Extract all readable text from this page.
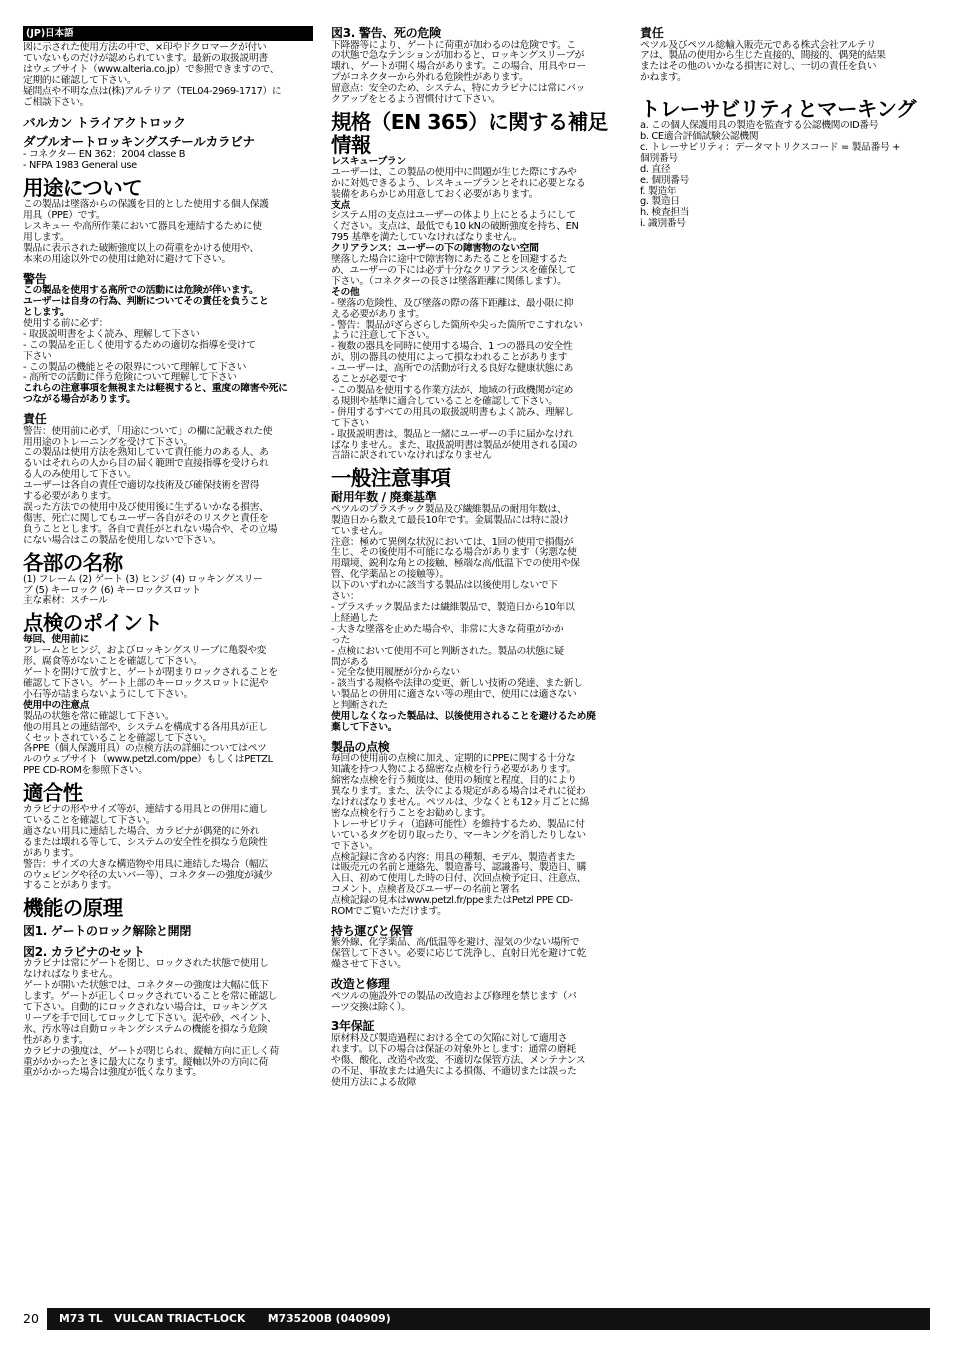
(JP)日本語

図に示された使用方法の中で、×印やドクロマークが付い

ていないものだけが認められています。最新の取扱説明書

はウェブサイト（www.alteria.co.jp）で参照できますので、

定期的に確認して下さい。

疑問点や不明な点は(株)アルテリア（TEL04-2969-1717）に

ご相談下さい。

バルカン トライアクトロック
ダブルオートロッキングスチールカラビナ

- コネクター EN 362：2004 classe B

- NFPA 1983 General use

用途について

この製品は墜落からの保護を目的とした使用する個人保護

用具（PPE）です。

レスキュー や高所作業において器具を連結するために使

用します。

製品に表示された破断強度以上の荷重をかける使用や、

本来の用途以外での使用は絶対に避けて下さい。

警告

この製品を使用する高所での活動には危険が伴います。

ユーザーは自身の行為、判断についてその責任を負うこと

とします。

使用する前に必ず：

- 取扱説明書をよく読み、理解して下さい

- この製品を正しく使用するための適切な指導を受けて

下さい

- この製品の機能とその限界について理解して下さい

- 高所での活動に伴う危険について理解して下さい

これらの注意事項を無視または軽視すると、重度の障害や死に

つながる場合があります。

責任

警告：使用前に必ず、「用途について」の欄に記載された使

用用途のトレーニングを受けて下さい。

この製品は使用方法を熟知していて責任能力のある人、あ

るいはそれらの人から目の届く範囲で直接指導を受けられ

る人のみ使用して下さい。

ユーザーは各自の責任で適切な技術及び確保技術を習得

する必要があります。

誤った方法での使用中及び使用後に生ずるいかなる損害、

傷害、死亡に関してもユーザー各自がそのリスクと責任を

負うこととします。各自で責任がとれない場合や、その立場

にない場合はこの製品を使用しないで下さい。

各部の名称

(1) フレーム (2) ゲート (3) ヒンジ (4) ロッキングスリー

ブ (5) キーロック (6) キーロックスロット

主な素材：スチール

点検のポイント

毎回、使用前に

フレームとヒンジ、およびロッキングスリーブに亀裂や変

形、腐食等がないことを確認して下さい。

ゲートを開けて放すと、ゲートが閉まりロックされることを

確認して下さい。ゲート上部のキーロックスロットに泥や

小石等が詰まらないようにして下さい。

使用中の注意点

製品の状態を常に確認して下さい。

他の用具との連結部や、システムを構成する各用具が正し

くセットされていることを確認して下さい。

各PPE（個人保護用具）の点検方法の詳細についてはペツ

ルのウェブサイト（www.petzl.com/ppe）もしくはPETZL

PPE CD-ROMを参照下さい。

適合性

カラビナの形やサイズ等が、連結する用具との併用に適し

ていることを確認して下さい。

適さない用具に連結した場合、カラビナが偶発的に外れ

るまたは壊れる等して、システムの安全性を損なう危険性

があります。

警告：サイズの大きな構造物や用具に連結した場合（幅広

のウェビングや径の太いバー等）、コネクターの強度が減少

することがあります。

機能の原理
図1. ゲートのロック解除と開閉
図2. カラビナのセット

カラビナは常にゲートを閉じ、ロックされた状態で使用し

なければなりません。

ゲートが開いた状態では、コネクターの強度は大幅に低下

します。ゲートが正しくロックされていることを常に確認し

て下さい。自動的にロックされない場合は、ロッキングス

リーブを手で回してロックして下さい。泥や砂、ペイント、

氷、汚水等は自動ロッキングシステムの機能を損なう危険

性があります。

カラビナの強度は、ゲートが閉じられ、縦軸方向に正しく荷

重がかかったときに最大になります。縦軸以外の方向に荷

重がかかった場合は強度が低くなります。

図3. 警告、死の危険

下降器等により、ゲートに荷重が加わるのは危険です。こ

の状態で急なテンションが加わると、ロッキングスリーブが

壊れ、ゲートが開く場合があります。この場合、用具やロー

プがコネクターから外れる危険性があります。

留意点：安全のため、システム、特にカラビナには常にバッ

クアップをとるよう習慣付けて下さい。

規格（EN 365）に関する補足情報

レスキュープラン

ユーザーは、この製品の使用中に問題が生じた際にすみや

かに対処できるよう、レスキュープランとそれに必要となる

装備をあらかじめ用意しておく必要があります。

支点

システム用の支点はユーザーの体より上にとるようにして

ください。支点は、最低でも10 kNの破断強度を持ち、EN

795 基準を満たしていなければなりません。

クリアランス：ユーザーの下の障害物のない空間

墜落した場合に途中で障害物にあたることを回避するた

め、ユーザーの下には必ず十分なクリアランスを確保して

下さい。（コネクターの長さは墜落距離に関係します）。

その他

- 墜落の危険性、及び墜落の際の落下距離は、最小限に抑

える必要があります。

- 警告：製品がざらざらした箇所や尖った箇所でこすれない

ように注意して下さい。

- 複数の器具を同時に使用する場合、1 つの器具の安全性

が、別の器具の使用によって損なわれることがあります

- ユーザーは、高所での活動が行える良好な健康状態にあ

ることが必要です

- この製品を使用する作業方法が、地域の行政機関が定め

る規則や基準に適合していることを確認して下さい。

- 併用するすべての用具の取扱説明書もよく読み、理解し

て下さい

- 取扱説明書は、製品と一緒にユーザーの手に届かなけれ

ばなりません。また、取扱説明書は製品が使用される国の

言語に訳されていなければなりません

一般注意事項
耐用年数 / 廃棄基準

ペツルのプラスチック製品及び繊維製品の耐用年数は、

製造日から数えて最長10年です。金属製品には特に設け

ていません。

注意：極めて異例な状況においては、1回の使用で損傷が

生じ、その後使用不可能になる場合があります（劣悪な使

用環境、鋭利な角との接触、極端な高/低温下での使用や保

管、化学薬品との接触等）。

以下のいずれかに該当する製品は以後使用しないで下

さい：

- プラスチック製品または繊維製品で、製造日から10年以

上経過した

- 大きな墜落を止めた場合や、非常に大きな荷重がかか

った

- 点検において使用不可と判断された。製品の状態に疑

問がある

- 完全な使用履歴が分からない

- 該当する規格や法律の変更、新しい技術の発達、また新し

い製品との併用に適さない等の理由で、使用には適さない

と判断された

使用しなくなった製品は、以後使用されることを避けるため廃

棄して下さい。

製品の点検

毎回の使用前の点検に加え、定期的にPPEに関する十分な

知識を持つ人物による綿密な点検を行う必要があります。

綿密な点検を行う頻度は、使用の頻度と程度、目的により

異なります。また、法令による規定がある場合はそれに従わ

なければなりません。ペツルは、少なくとも12ヶ月ごとに綿

密な点検を行うことをお勧めします。

トレーサビリティ（追跡可能性）を維持するため、製品に付

いているタグを切り取ったり、マーキングを消したりしない

で下さい。

点検記録に含める内容：用具の種類、モデル、製造者また

は販売元の名前と連絡先、製造番号、認識番号、製造日、購

入日、初めて使用した時の日付、次回点検予定日、注意点、

コメント、点検者及びユーザーの名前と署名

点検記録の見本はwww.petzl.fr/ppeまたはPetzl PPE CD-

ROMでご覧いただけます。

持ち運びと保管

紫外線、化学薬品、高/低温等を避け、湿気の少ない場所で

保管して下さい。必要に応じて洗浄し、直射日光を避けて乾

燥させて下さい。

改造と修理

ペツルの施設外での製品の改造および修理を禁じます（パ

ーツ交換は除く）。

3年保証

原材料及び製造過程における全ての欠陥に対して適用さ

れます。以下の場合は保証の対象外とします：通常の磨耗

や傷、酸化、改造や改変、不適切な保管方法、メンテナンス

の不足、事故または過失による損傷、不適切または誤った

使用方法による故障

責任

ペツル及びペツル総輸入販売元である株式会社アルテリ

アは、製品の使用から生じた直接的、間接的、偶発的結果

またはその他のいかなる損害に対し、一切の責任を負い

かねます。

トレーサビリティとマーキング

a. この個人保護用具の製造を監査する公認機関のID番号

b. CE適合評価試験公認機関

c. トレーサビリティ：データマトリクスコード = 製品番号 +

個別番号

d. 直径

e. 個別番号

f. 製造年

g. 製造日

h. 検査担当

i. 識別番号

20	M73 TL   VULCAN TRIACT-LOCK      M735200B (040909)
